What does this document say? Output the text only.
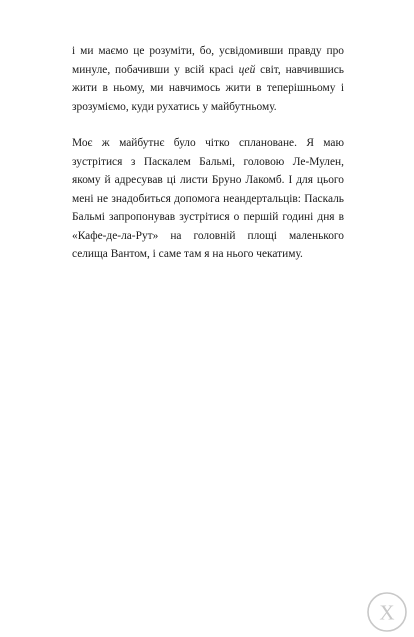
і ми маємо це розуміти, бо, усвідомивши правду про минуле, побачивши у всій красі цей світ, навчившись жити в ньому, ми навчимось жити в теперішньому і зрозуміємо, куди рухатись у майбутньому.

Моє ж майбутнє було чітко сплановане. Я маю зустрітися з Паскалем Бальмі, головою Ле-Мулен, якому й адресував ці листи Бруно Лакомб. І для цього мені не знадобиться допомога неандертальців: Паскаль Бальмі запропонував зустрітися о першій годині дня в «Кафе-де-ла-Рут» на головній площі маленького селища Вантом, і саме там я на нього чекатиму.

Х
